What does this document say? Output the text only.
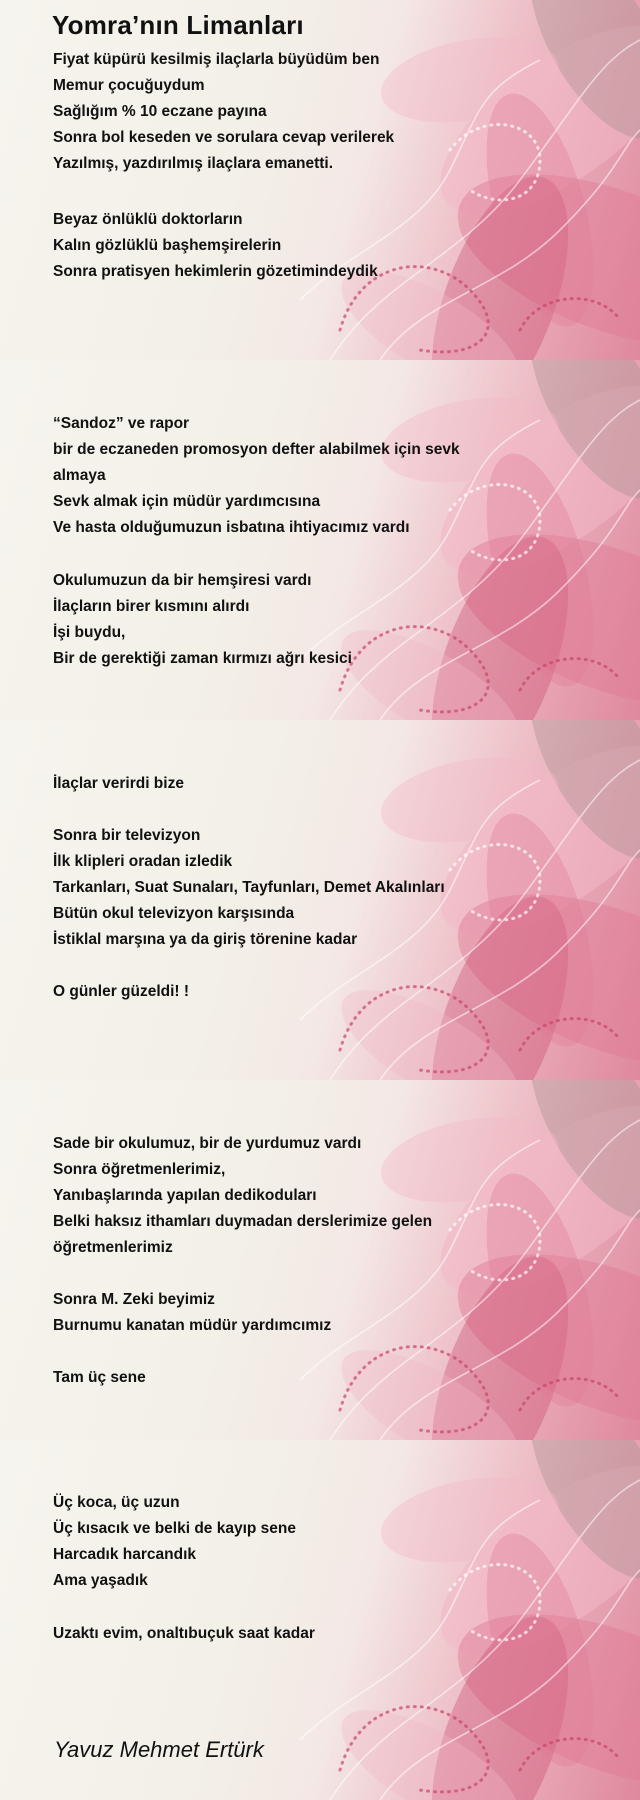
Yomra’nın Limanları
Fiyat küpürü kesilmiş ilaçlarla büyüdüm ben
Memur çocuğuydum
Sağlığım % 10 eczane payına
Sonra bol keseden ve sorulara cevap verilerek
Yazılmış, yazdırılmış ilaçlara emanetti.
Beyaz önlüklü doktorların
Kalın gözlüklü başhemşirelerin
Sonra pratisyen hekimlerin gözetimindeydik
“Sandoz” ve rapor
bir de eczaneden promosyon defter alabilmek için sevk
almaya
Sevk almak için müdür yardımcısına
Ve hasta olduğumuzun isbatına ihtiyacımız vardı
Okulumuzun da bir hemşiresi vardı
İlaçların birer kısmını alırdı
İşi buydu,
Bir de gerektiği zaman kırmızı ağrı kesici
İlaçlar verirdi bize
Sonra bir televizyon
İlk klipleri oradan izledik
Tarkanları, Suat Sunaları, Tayfunları, Demet Akalınları
Bütün okul televizyon karşısında
İstiklal marşına ya da giriş törenine kadar
O günler güzeldi! !
Sade bir okulumuz, bir de yurdumuz vardı
Sonra öğretmenlerimiz,
Yanıbaşlarında yapılan dedikoduları
Belki haksız ithamları duymadan derslerimize gelen
öğretmenlerimiz
Sonra M. Zeki beyimiz
Burnumu kanatan müdür yardımcımız
Tam üç sene
Üç koca, üç uzun
Üç kısacık ve belki de kayıp sene
Harcadık harcandık
Ama yaşadık
Uzaktı evim, onaltıbuçuk saat kadar
Yavuz Mehmet Ertürk
